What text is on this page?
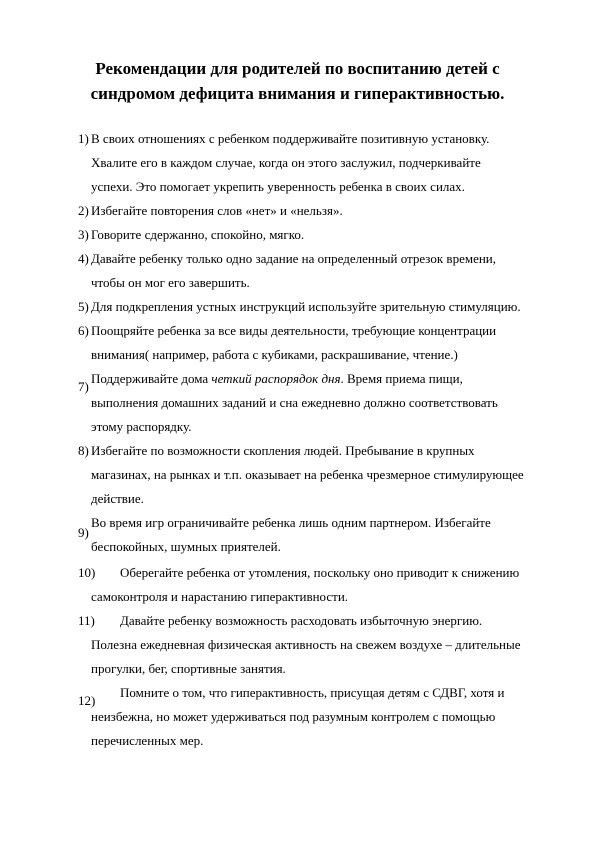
Рекомендации для родителей по воспитанию детей с
синдромом дефицита внимания и гиперактивностью.
1) В своих отношениях с ребенком поддерживайте позитивную установку.
Хвалите его в каждом случае, когда он этого заслужил, подчеркивайте
успехи. Это помогает укрепить уверенность ребенка в своих силах.
2) Избегайте повторения слов «нет» и «нельзя».
3) Говорите сдержанно, спокойно, мягко.
4) Давайте ребенку только одно задание на определенный отрезок времени,
чтобы он мог его завершить.
5) Для подкрепления устных инструкций используйте зрительную стимуляцию.
6) Поощряйте ребенка за все виды деятельности, требующие концентрации
внимания( например, работа с кубиками, раскрашивание, чтение.)
7)
Поддерживайте дома четкий распорядок дня. Время приема пищи,
выполнения домашних заданий и сна ежедневно должно соответствовать
этому распорядку.
8) Избегайте по возможности скопления людей. Пребывание в крупных
магазинах, на рынках и т.п. оказывает на ребенка чрезмерное стимулирующее
действие.
9)
Во время игр ограничивайте ребенка лишь одним партнером. Избегайте
беспокойных, шумных приятелей.
10) Оберегайте ребенка от утомления, поскольку оно приводит к снижению
самоконтроля и нарастанию гиперактивности.
11) Давайте ребенку возможность расходовать избыточную энергию.
Полезна ежедневная физическая активность на свежем воздухе – длительные
прогулки, бег, спортивные занятия.
12)
Помните о том, что гиперактивность, присущая детям с СДВГ, хотя и
неизбежна, но может удерживаться под разумным контролем с помощью
перечисленных мер.
